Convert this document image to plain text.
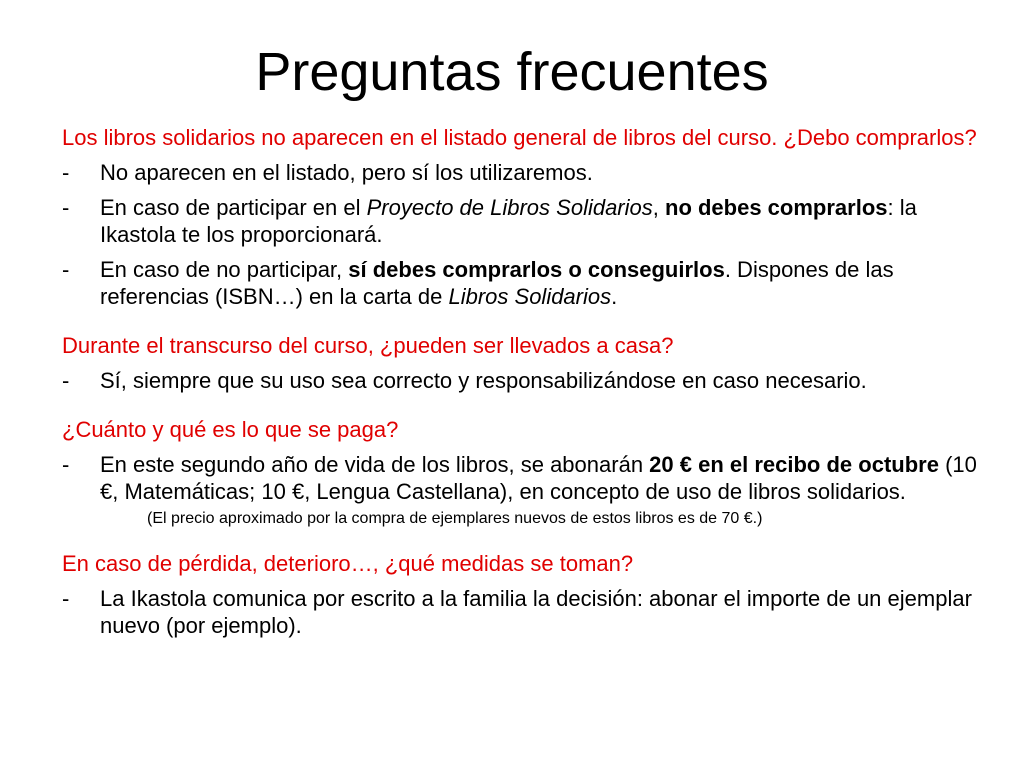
Preguntas frecuentes

Los libros solidarios no aparecen en el listado general de libros del curso. ¿Debo comprarlos?

- No aparecen en el listado, pero sí los utilizaremos.
- En caso de participar en el Proyecto de Libros Solidarios, no debes comprarlos: la Ikastola te los proporcionará.
- En caso de no participar, sí debes comprarlos o conseguirlos. Dispones de las referencias (ISBN…) en la carta de Libros Solidarios.

Durante el transcurso del curso, ¿pueden ser llevados a casa?

- Sí, siempre que su uso sea correcto y responsabilizándose en caso necesario.

¿Cuánto y qué es lo que se paga?

- En este segundo año de vida de los libros, se abonarán 20 € en el recibo de octubre (10 €, Matemáticas; 10 €, Lengua Castellana), en concepto de uso de libros solidarios.
(El precio aproximado por la compra de ejemplares nuevos de estos libros es de 70 €.)

En caso de pérdida, deterioro…, ¿qué medidas se toman?

- La Ikastola comunica por escrito a la familia la decisión: abonar el importe de un ejemplar nuevo (por ejemplo).
